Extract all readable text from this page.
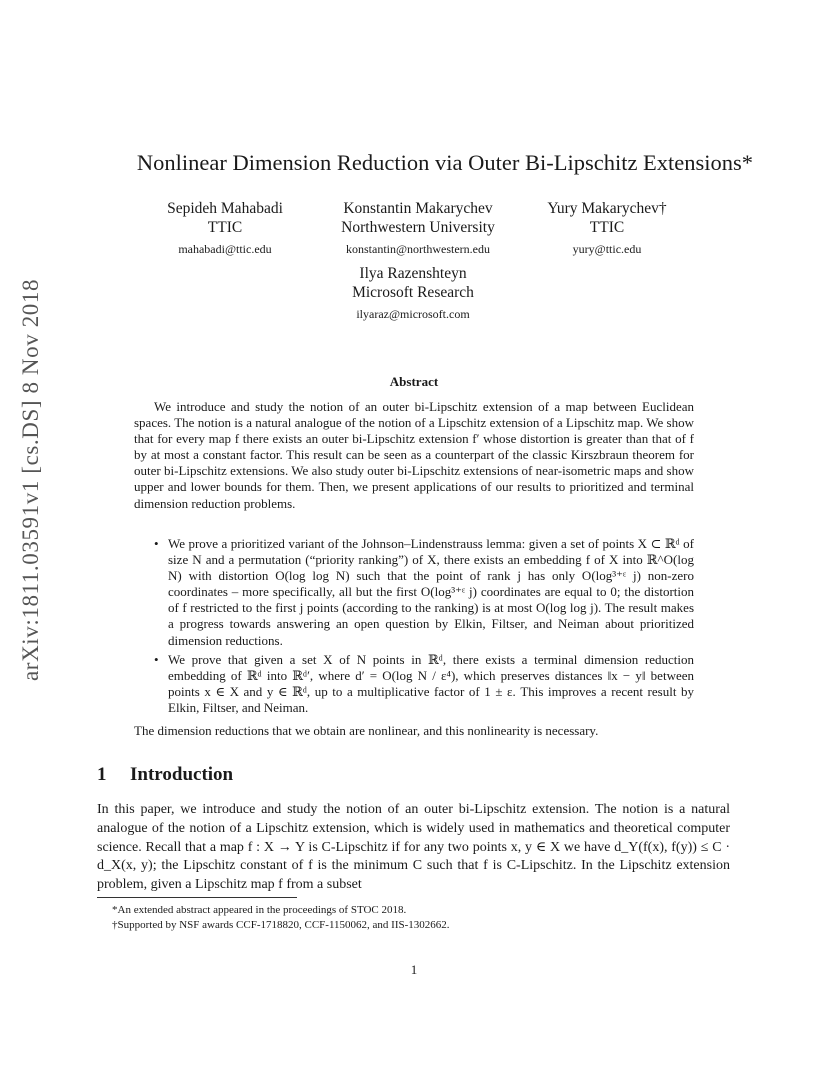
arXiv:1811.03591v1 [cs.DS] 8 Nov 2018
Nonlinear Dimension Reduction via Outer Bi-Lipschitz Extensions*
Sepideh Mahabadi
TTIC
mahabadi@ttic.edu
Konstantin Makarychev
Northwestern University
konstantin@northwestern.edu
Yury Makarychev†
TTIC
yury@ttic.edu
Ilya Razenshteyn
Microsoft Research
ilyaraz@microsoft.com
Abstract

We introduce and study the notion of an outer bi-Lipschitz extension of a map between Euclidean spaces. The notion is a natural analogue of the notion of a Lipschitz extension of a Lipschitz map. We show that for every map f there exists an outer bi-Lipschitz extension f′ whose distortion is greater than that of f by at most a constant factor. This result can be seen as a counterpart of the classic Kirszbraun theorem for outer bi-Lipschitz extensions. We also study outer bi-Lipschitz extensions of near-isometric maps and show upper and lower bounds for them. Then, we present applications of our results to prioritized and terminal dimension reduction problems.

• We prove a prioritized variant of the Johnson–Lindenstrauss lemma: given a set of points X ⊂ ℝᵈ of size N and a permutation (“priority ranking”) of X, there exists an embedding f of X into ℝ^O(log N) with distortion O(log log N) such that the point of rank j has only O(log³⁺ᵋ j) non-zero coordinates – more specifically, all but the first O(log³⁺ᵋ j) coordinates are equal to 0; the distortion of f restricted to the first j points (according to the ranking) is at most O(log log j). The result makes a progress towards answering an open question by Elkin, Filtser, and Neiman about prioritized dimension reductions.
• We prove that given a set X of N points in ℝᵈ, there exists a terminal dimension reduction embedding of ℝᵈ into ℝᵈ′, where d′ = O(log N / ε⁴), which preserves distances ‖x − y‖ between points x ∈ X and y ∈ ℝᵈ, up to a multiplicative factor of 1 ± ε. This improves a recent result by Elkin, Filtser, and Neiman.
The dimension reductions that we obtain are nonlinear, and this nonlinearity is necessary.
1 Introduction
In this paper, we introduce and study the notion of an outer bi-Lipschitz extension. The notion is a natural analogue of the notion of a Lipschitz extension, which is widely used in mathematics and theoretical computer science. Recall that a map f : X → Y is C-Lipschitz if for any two points x, y ∈ X we have d_Y(f(x), f(y)) ≤ C · d_X(x, y); the Lipschitz constant of f is the minimum C such that f is C-Lipschitz. In the Lipschitz extension problem, given a Lipschitz map f from a subset
*An extended abstract appeared in the proceedings of STOC 2018.
†Supported by NSF awards CCF-1718820, CCF-1150062, and IIS-1302662.
1
